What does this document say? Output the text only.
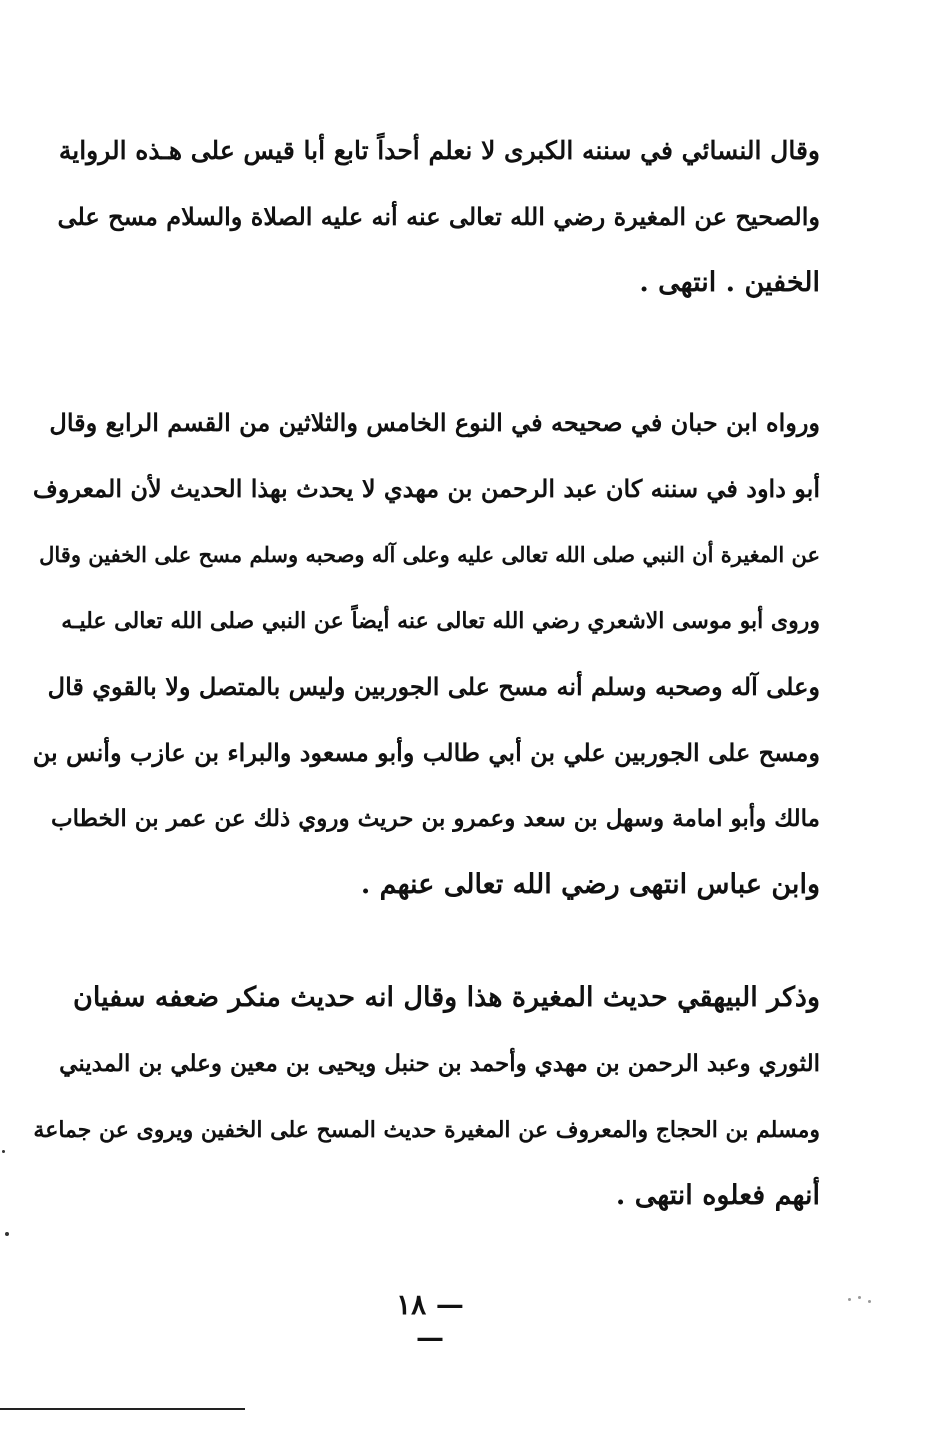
وقال النسائي في سننه الكبرى لا نعلم أحداً تابع أبا قيس على هـذه الرواية
والصحيح عن المغيرة رضي الله تعالى عنه أنه عليه الصلاة والسلام مسح على
الخفين . انتهى .
ورواه ابن حبان في صحيحه في النوع الخامس والثلاثين من القسم الرابع وقال
أبو داود في سننه كان عبد الرحمن بن مهدي لا يحدث بهذا الحديث لأن المعروف
عن المغيرة أن النبي صلى الله تعالى عليه وعلى آله وصحبه وسلم مسح على الخفين وقال
وروى أبو موسى الاشعري رضي الله تعالى عنه أيضاً عن النبي صلى الله تعالى عليـه
وعلى آله وصحبه وسلم أنه مسح على الجوربين وليس بالمتصل ولا بالقوي قال
ومسح على الجوربين علي بن أبي طالب وأبو مسعود والبراء بن عازب وأنس بن
مالك وأبو امامة وسهل بن سعد وعمرو بن حريث وروي ذلك عن عمر بن الخطاب
وابن عباس انتهى رضي الله تعالى عنهم .
وذكر البيهقي حديث المغيرة هذا وقال انه حديث منكر ضعفه سفيان
الثوري وعبد الرحمن بن مهدي وأحمد بن حنبل ويحيى بن معين وعلي بن المديني
ومسلم بن الحجاج والمعروف عن المغيرة حديث المسح على الخفين ويروى عن جماعة
أنهم فعلوه انتهى .
— ١٨ —
